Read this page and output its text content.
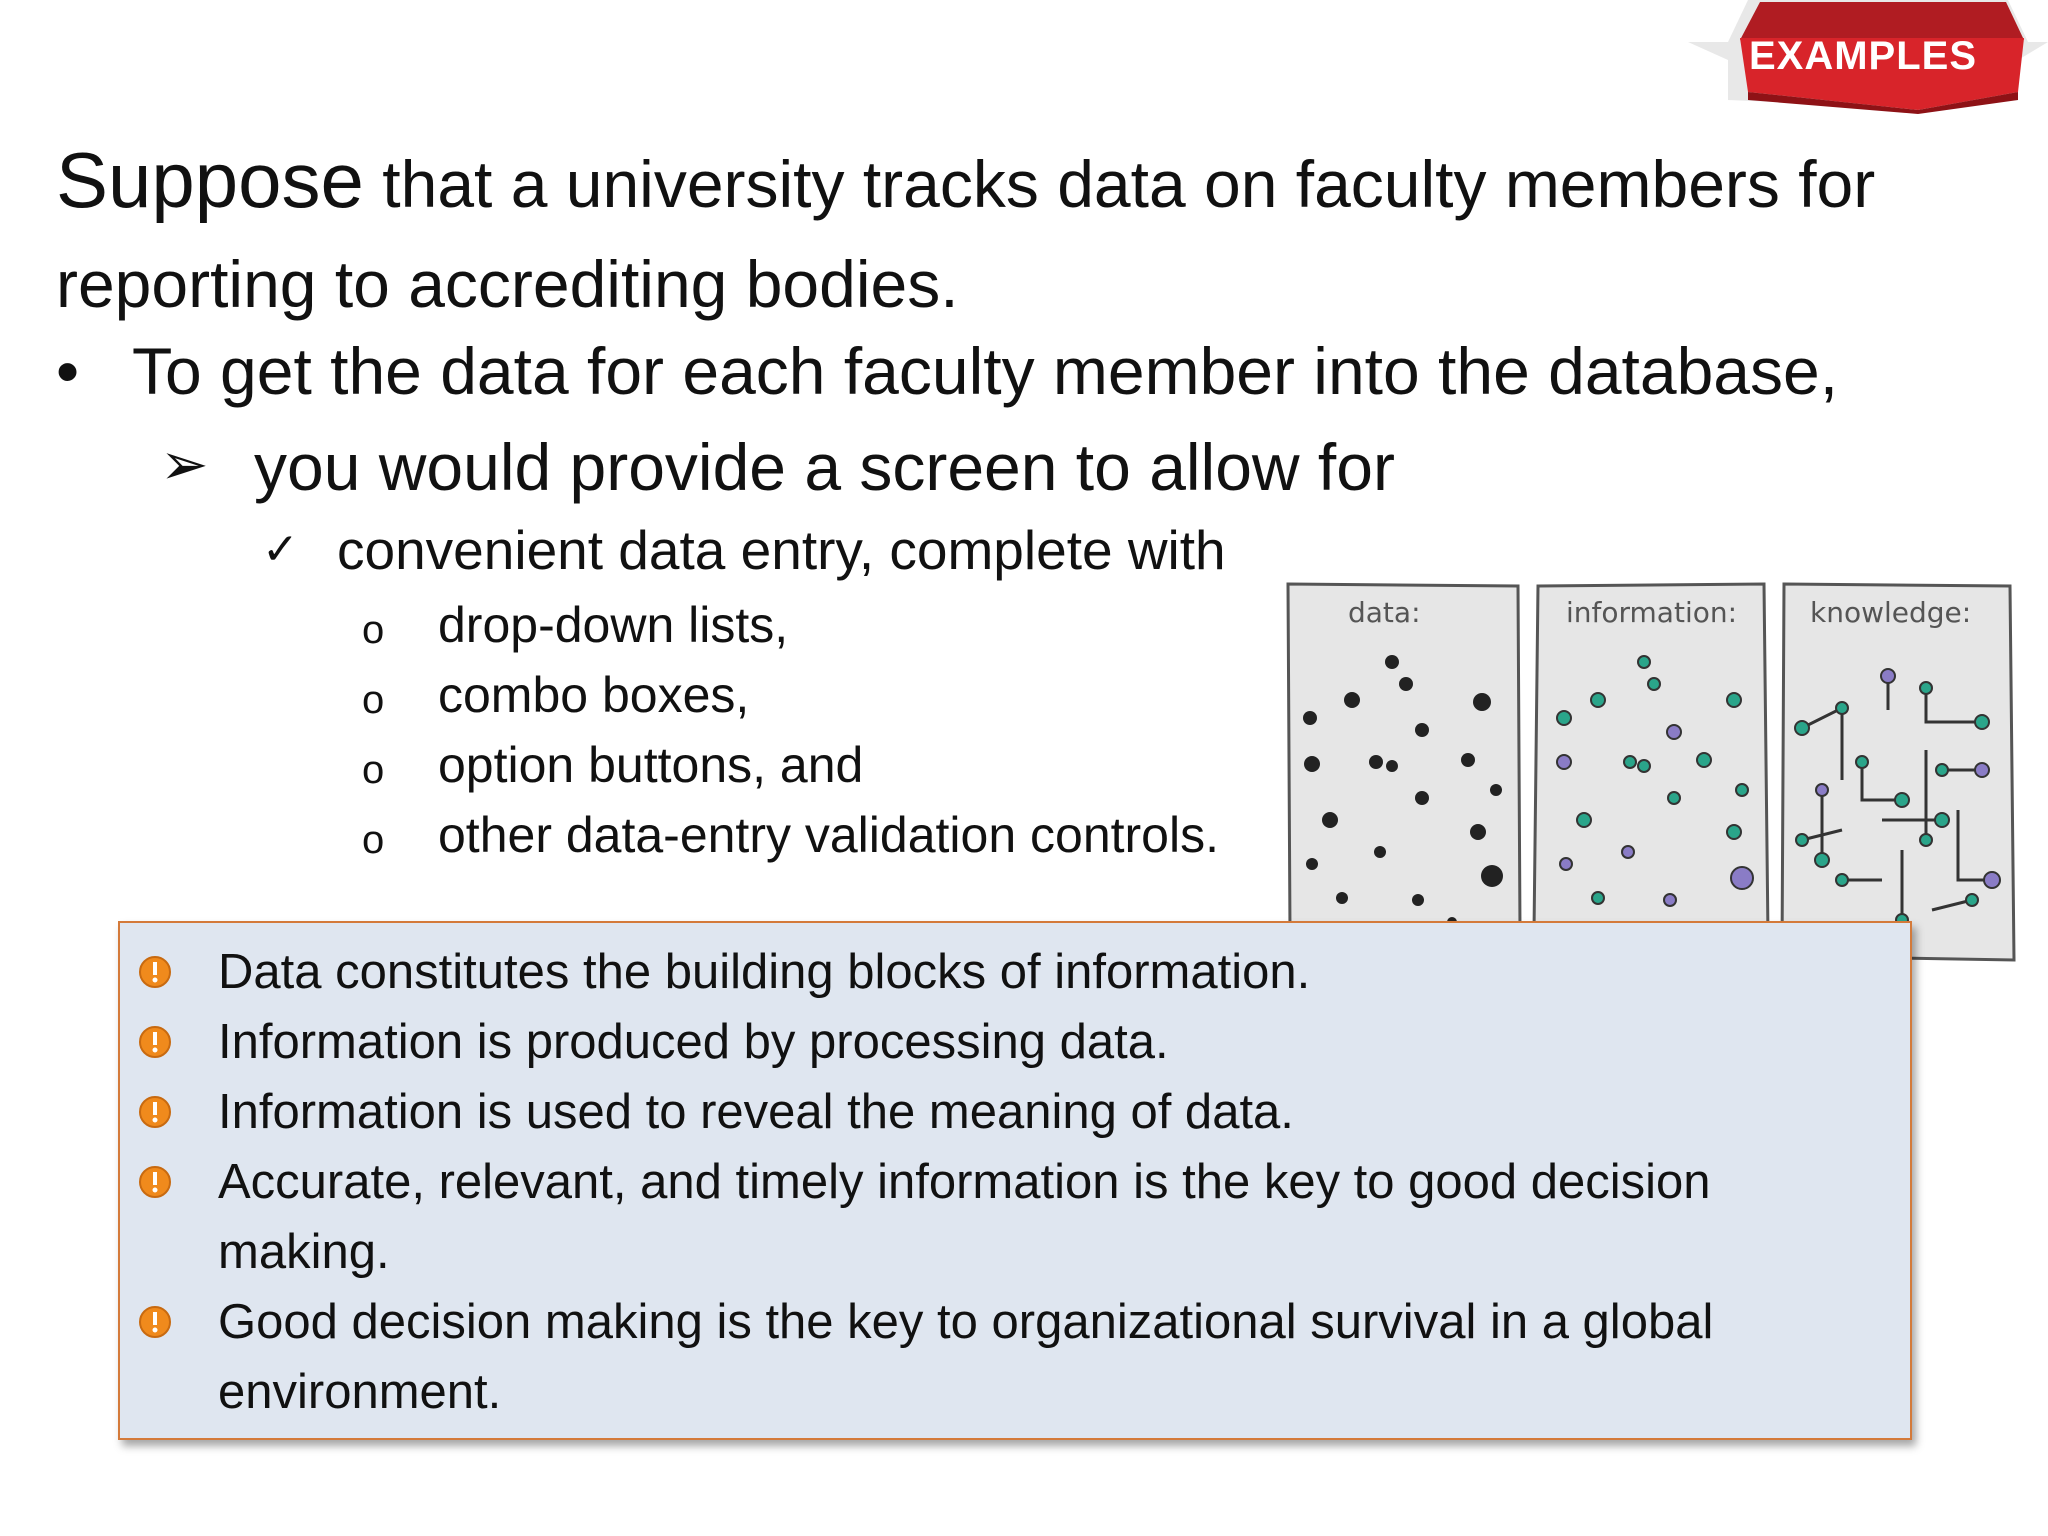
EXAMPLES
Suppose that a university tracks data on faculty members for reporting to accrediting bodies.
• To get the data for each faculty member into the database,
➢ you would provide a screen to allow for
✓ convenient data entry, complete with
o drop-down lists,
o combo boxes,
o option buttons, and
o other data-entry validation controls.
data:	information:	knowledge:
Data constitutes the building blocks of information.
Information is produced by processing data.
Information is used to reveal the meaning of data.
Accurate, relevant, and timely information is the key to good decision making.
Good decision making is the key to organizational survival in a global environment.
